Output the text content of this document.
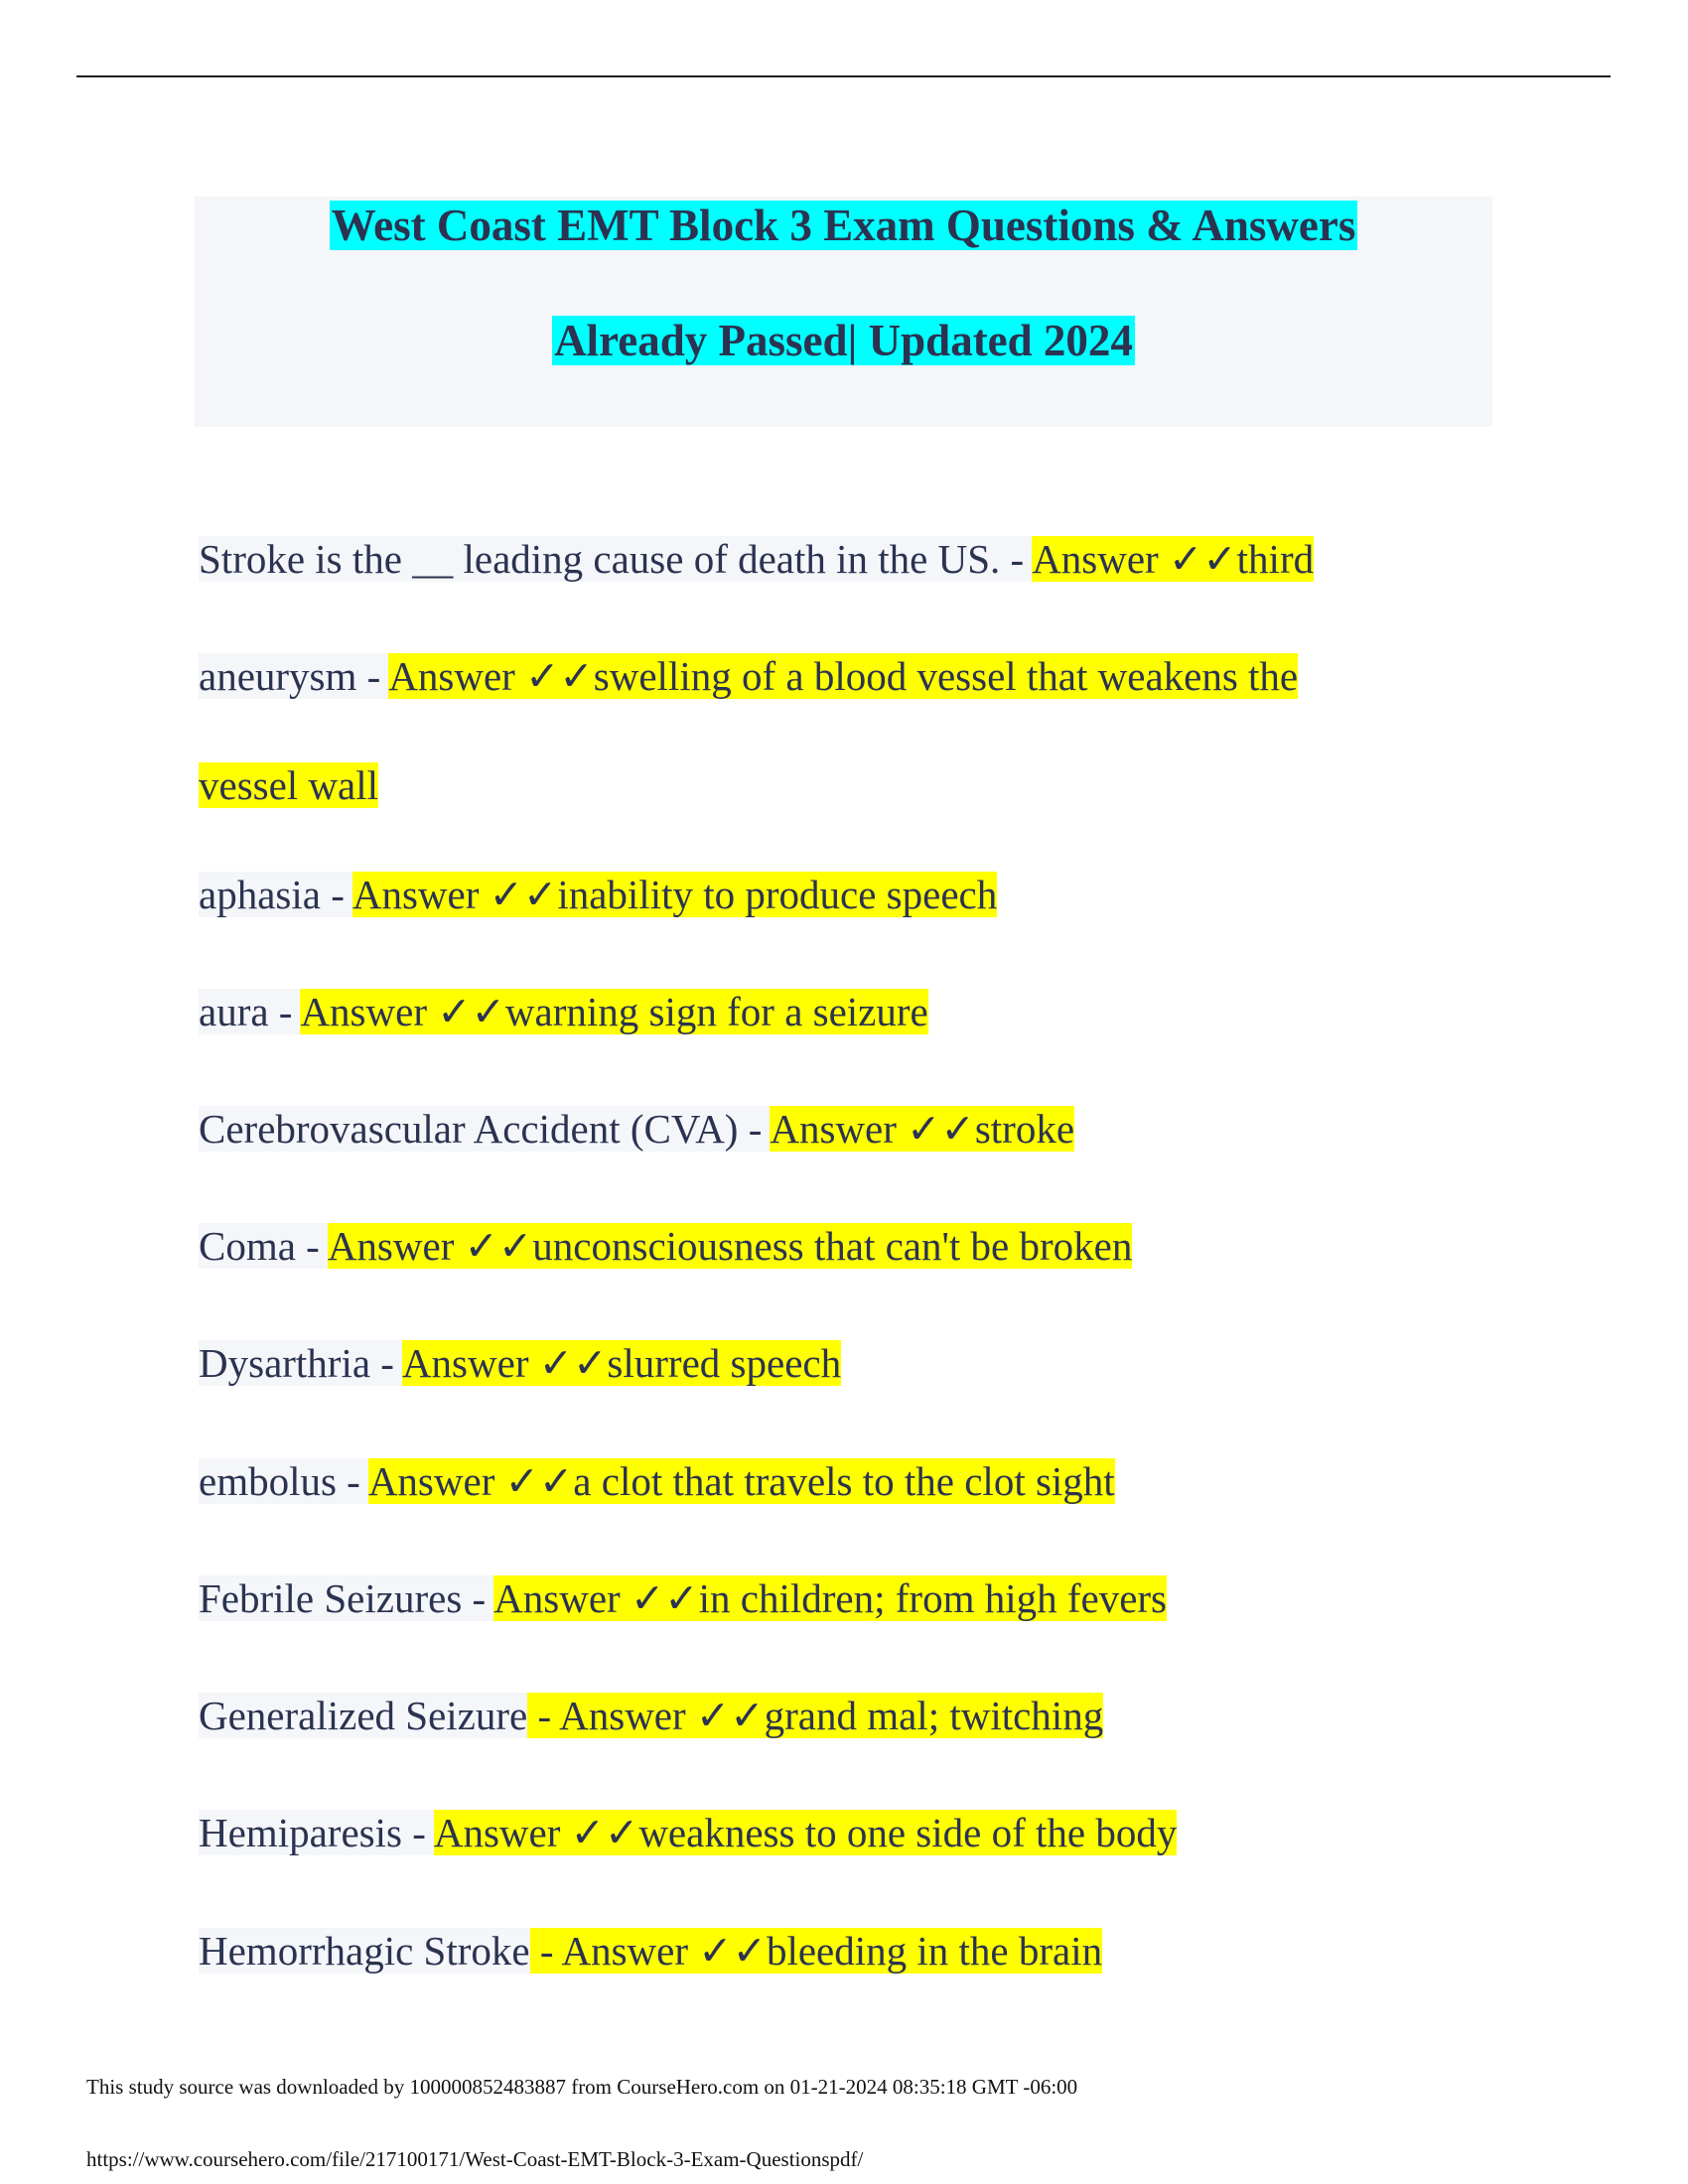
West Coast EMT Block 3 Exam Questions & Answers
Already Passed| Updated 2024
Stroke is the __ leading cause of death in the US. - Answer ✓✓third
aneurysm - Answer ✓✓swelling of a blood vessel that weakens the
vessel wall
aphasia - Answer ✓✓inability to produce speech
aura - Answer ✓✓warning sign for a seizure
Cerebrovascular Accident (CVA) - Answer ✓✓stroke
Coma - Answer ✓✓unconsciousness that can't be broken
Dysarthria - Answer ✓✓slurred speech
embolus - Answer ✓✓a clot that travels to the clot sight
Febrile Seizures - Answer ✓✓in children; from high fevers
Generalized Seizure - Answer ✓✓grand mal; twitching
Hemiparesis - Answer ✓✓weakness to one side of the body
Hemorrhagic Stroke - Answer ✓✓bleeding in the brain
This study source was downloaded by 100000852483887 from CourseHero.com on 01-21-2024 08:35:18 GMT -06:00
https://www.coursehero.com/file/217100171/West-Coast-EMT-Block-3-Exam-Questionspdf/
